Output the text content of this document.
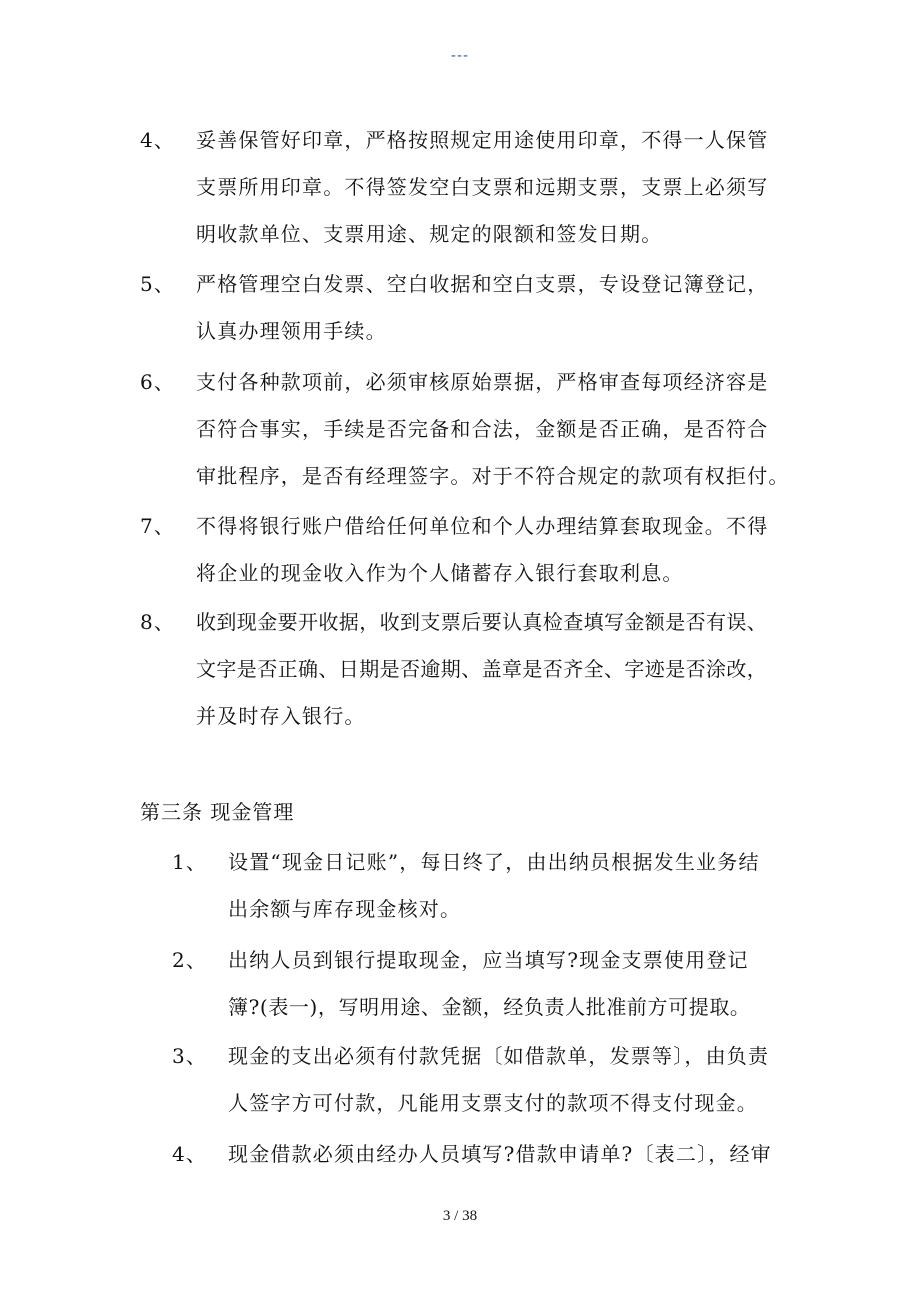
---
4、 妥善保管好印章，严格按照规定用途使用印章，不得一人保管
支票所用印章。不得签发空白支票和远期支票，支票上必须写
明收款单位、支票用途、规定的限额和签发日期。
5、 严格管理空白发票、空白收据和空白支票，专设登记簿登记，
认真办理领用手续。
6、 支付各种款项前，必须审核原始票据，严格审查每项经济容是
否符合事实，手续是否完备和合法，金额是否正确，是否符合
审批程序，是否有经理签字。对于不符合规定的款项有权拒付。
7、 不得将银行账户借给任何单位和个人办理结算套取现金。不得
将企业的现金收入作为个人储蓄存入银行套取利息。
8、 收到现金要开收据，收到支票后要认真检查填写金额是否有误、
文字是否正确、日期是否逾期、盖章是否齐全、字迹是否涂改，
并及时存入银行。
第三条 现金管理
1、 设置“现金日记账”，每日终了，由出纳员根据发生业务结
出余额与库存现金核对。
2、 出纳人员到银行提取现金，应当填写?现金支票使用登记
簿?(表一)，写明用途、金额，经负责人批准前方可提取。
3、 现金的支出必须有付款凭据〔如借款单，发票等〕，由负责
人签字方可付款，凡能用支票支付的款项不得支付现金。
4、 现金借款必须由经办人员填写?借款申请单?〔表二〕，经审
3 / 38
